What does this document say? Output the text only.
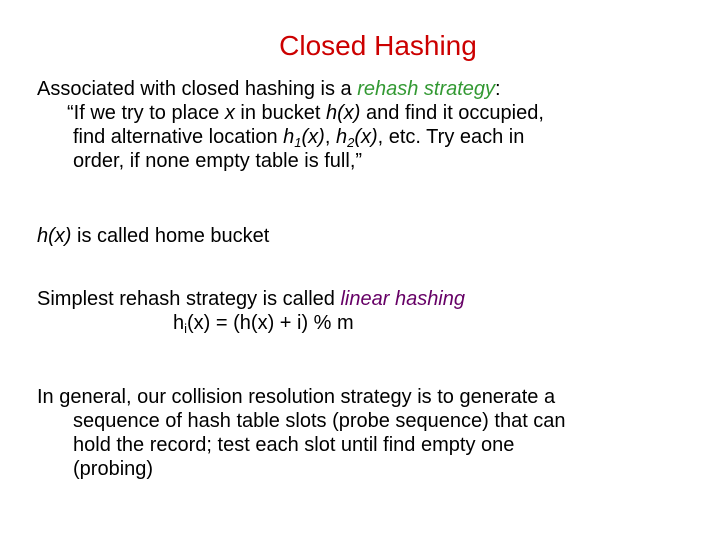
Closed Hashing
Associated with closed hashing is a rehash strategy:
“If we try to place x in bucket h(x) and find it occupied,
find alternative location $h_1(x)$, $h_2(x)$, etc. Try each in
order, if none empty table is full,”
h(x) is called home bucket
Simplest rehash strategy is called linear hashing
$h_i(x) = (h(x) + i)$ % m
In general, our collision resolution strategy is to generate a
sequence of hash table slots (probe sequence) that can
hold the record; test each slot until find empty one
(probing)
